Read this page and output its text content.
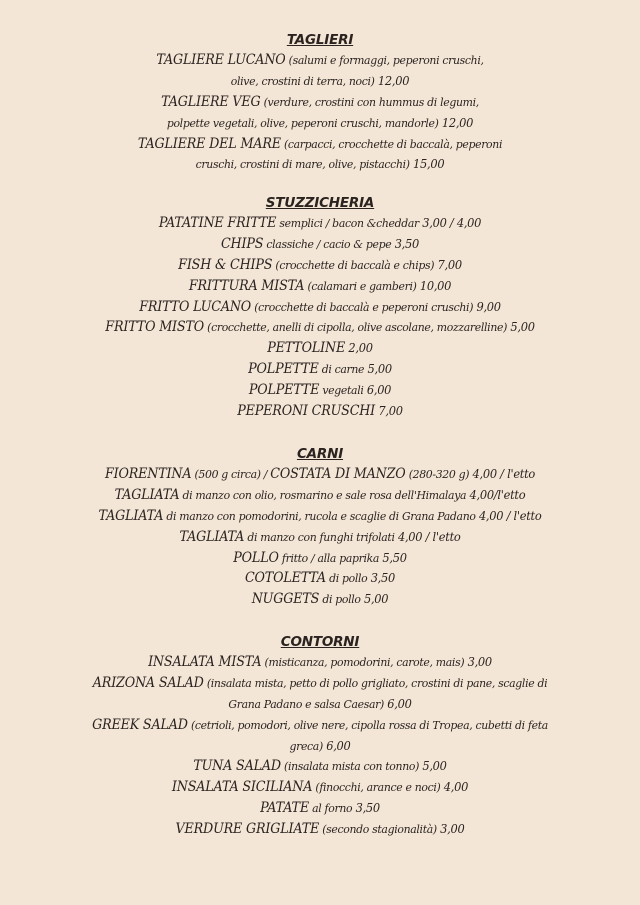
TAGLIERI
TAGLIERE LUCANO (salumi e formaggi, peperoni cruschi,
olive, crostini di terra, noci) 12,00
TAGLIERE VEG (verdure, crostini con hummus di legumi,
polpette vegetali, olive, peperoni cruschi, mandorle) 12,00
TAGLIERE DEL MARE (carpacci, crocchette di baccalà, peperoni
cruschi, crostini di mare, olive, pistacchi) 15,00
STUZZICHERIA
PATATINE FRITTE semplici / bacon &cheddar 3,00 / 4,00
CHIPS classiche / cacio & pepe 3,50
FISH & CHIPS (crocchette di baccalà e chips) 7,00
FRITTURA MISTA (calamari e gamberi) 10,00
FRITTO LUCANO (crocchette di baccalà e peperoni cruschi) 9,00
FRITTO MISTO (crocchette, anelli di cipolla, olive ascolane, mozzarelline) 5,00
PETTOLINE 2,00
POLPETTE di carne 5,00
POLPETTE vegetali 6,00
PEPERONI CRUSCHI 7,00
CARNI
FIORENTINA (500 g circa) / COSTATA DI MANZO (280-320 g) 4,00 / l'etto
TAGLIATA di manzo con olio, rosmarino e sale rosa dell'Himalaya 4,00/l'etto
TAGLIATA di manzo con pomodorini, rucola e scaglie di Grana Padano 4,00 / l'etto
TAGLIATA di manzo con funghi trifolati 4,00 / l'etto
POLLO fritto / alla paprika 5,50
COTOLETTA di pollo 3,50
NUGGETS di pollo 5,00
CONTORNI
INSALATA MISTA (misticanza, pomodorini, carote, mais) 3,00
ARIZONA SALAD (insalata mista, petto di pollo grigliato, crostini di pane, scaglie di
Grana Padano e salsa Caesar) 6,00
GREEK SALAD (cetrioli, pomodori, olive nere, cipolla rossa di Tropea, cubetti di feta
greca) 6,00
TUNA SALAD (insalata mista con tonno) 5,00
INSALATA SICILIANA (finocchi, arance e noci) 4,00
PATATE al forno 3,50
VERDURE GRIGLIATE (secondo stagionalità) 3,00
